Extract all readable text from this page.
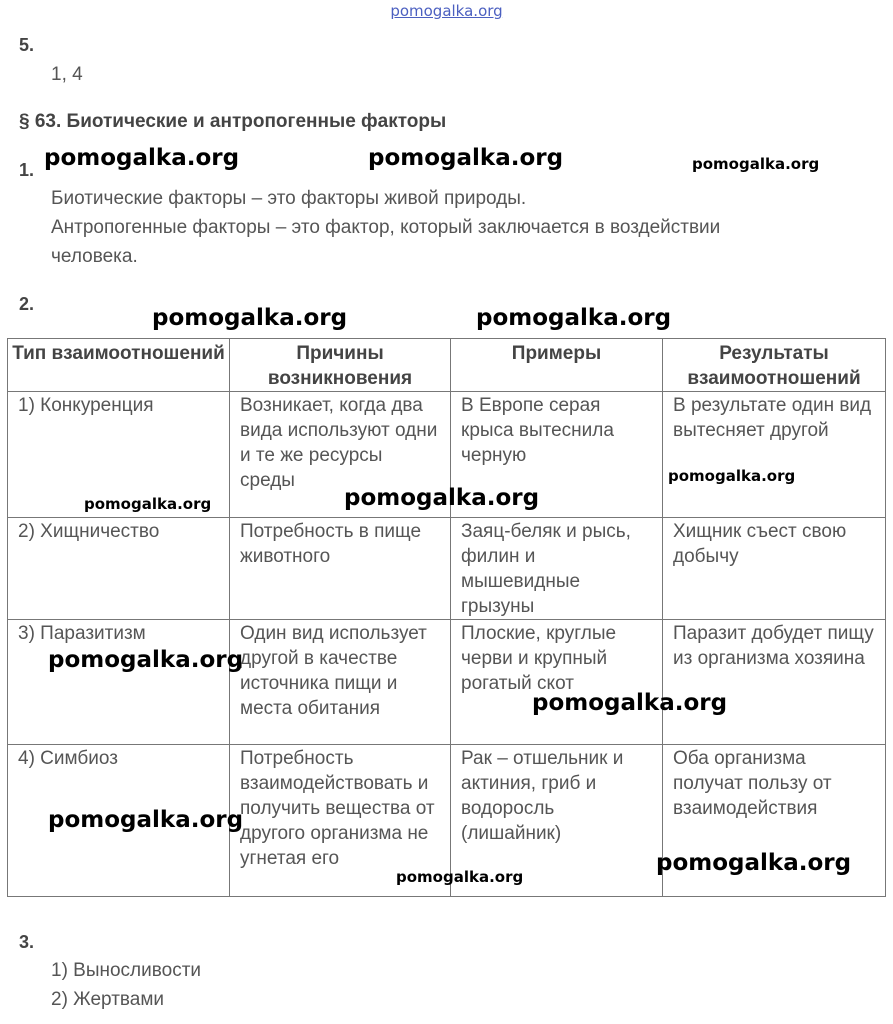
pomogalka.org
5.
1, 4
§ 63. Биотические и антропогенные факторы
1.
Биотические факторы – это факторы живой природы.
Антропогенные факторы – это фактор, который заключается в воздействии
человека.
2.
Тип взаимоотношений	Причины возникновения	Примеры	Результаты взаимоотношений
1) Конкуренция	Возникает, когда два вида используют одни и те же ресурсы среды	В Европе серая крыса вытеснила черную	В результате один вид вытесняет другой
2) Хищничество	Потребность в пище животного	Заяц-беляк и рысь, филин и мышевидные грызуны	Хищник съест свою добычу
3) Паразитизм	Один вид использует другой в качестве источника пищи и места обитания	Плоские, круглые черви и крупный рогатый скот	Паразит добудет пищу из организма хозяина
4) Симбиоз	Потребность взаимодействовать и получить вещества от другого организма не угнетая его	Рак – отшельник и актиния, гриб и водоросль (лишайник)	Оба организма получат пользу от взаимодействия
3.
1) Выносливости
2) Жертвами
pomogalka.org	pomogalka.org	pomogalka.org
pomogalka.org	pomogalka.org
pomogalka.org
pomogalka.org	pomogalka.org
pomogalka.org
pomogalka.org
pomogalka.org
pomogalka.org
pomogalka.org
